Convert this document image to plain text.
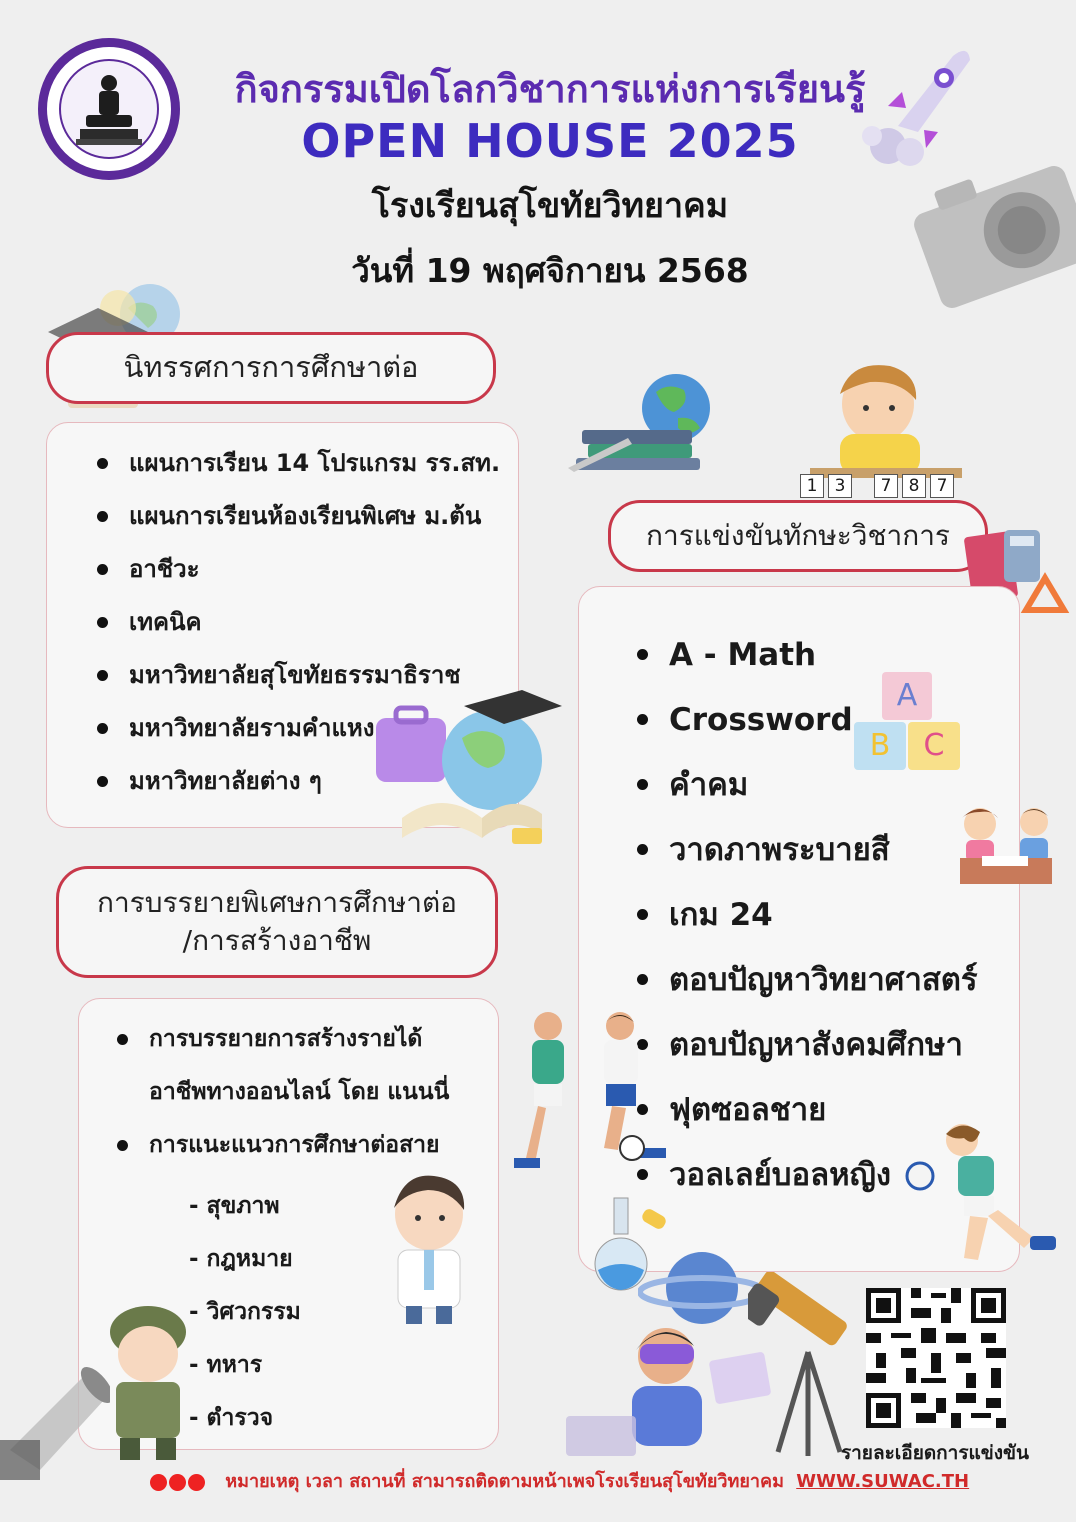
กิจกรรมเปิดโลกวิชาการแห่งการเรียนรู้
OPEN HOUSE 2025
โรงเรียนสุโขทัยวิทยาคม
วันที่ 19 พฤศจิกายน 2568
นิทรรศการการศึกษาต่อ
แผนการเรียน 14 โปรแกรม รร.สท.
แผนการเรียนห้องเรียนพิเศษ ม.ต้น
อาชีวะ
เทคนิค
มหาวิทยาลัยสุโขทัยธรรมาธิราช
มหาวิทยาลัยรามคำแหง
มหาวิทยาลัยต่าง ๆ
1	3	7	8	7
การแข่งขันทักษะวิชาการ
A - Math
Crossword
คำคม
วาดภาพระบายสี
เกม 24
ตอบปัญหาวิทยาศาสตร์
ตอบปัญหาสังคมศึกษา
ฟุตซอลชาย
วอลเลย์บอลหญิง
A
B	C
การบรรยายพิเศษการศึกษาต่อ
/การสร้างอาชีพ
การบรรยายการสร้างรายได้
อาชีพทางออนไลน์ โดย แนนนี่
การแนะแนวการศึกษาต่อสาย
- สุขภาพ
- กฎหมาย
- วิศวกรรม
- ทหาร
- ตำรวจ
รายละเอียดการแข่งขัน
หมายเหตุ เวลา สถานที่ สามารถติดตามหน้าเพจโรงเรียนสุโขทัยวิทยาคม WWW.SUWAC.TH
